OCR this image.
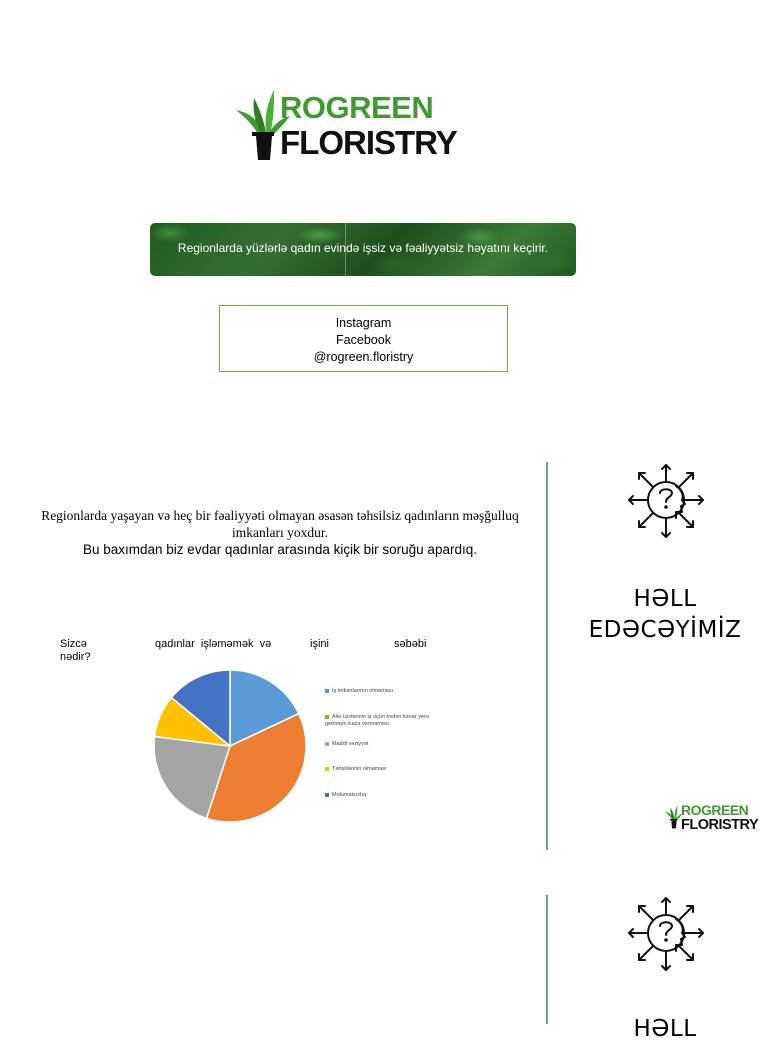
ROGREEN
FLORISTRY
Regionlarda yüzlərlə qadın evində işsiz və fəaliyyətsiz həyatını keçirir.
Instagram
Facebook
@rogreen.floristry
Regionlarda yaşayan və heç bir fəaliyyəti olmayan əsasən təhsilsiz qadınların məşğulluq
imkanları yoxdur.
Bu baxımdan biz evdar qadınlar arasında kiçik bir soruğu apardıq.
HƏLL
EDƏCƏYİMİZ
ROGREEN
FLORISTRY
HƏLL
Sizcə
nədir?
qadınlar işləməmək və	işini	səbəbi
İş imkanlarının olmaması
Ailə üzvlərinin iş üçün evdən kənar yerə getməyə icazə verməməsi
Maddi vəziyyət
Təhsillərinin olmaması
Məlumatsızlıq
